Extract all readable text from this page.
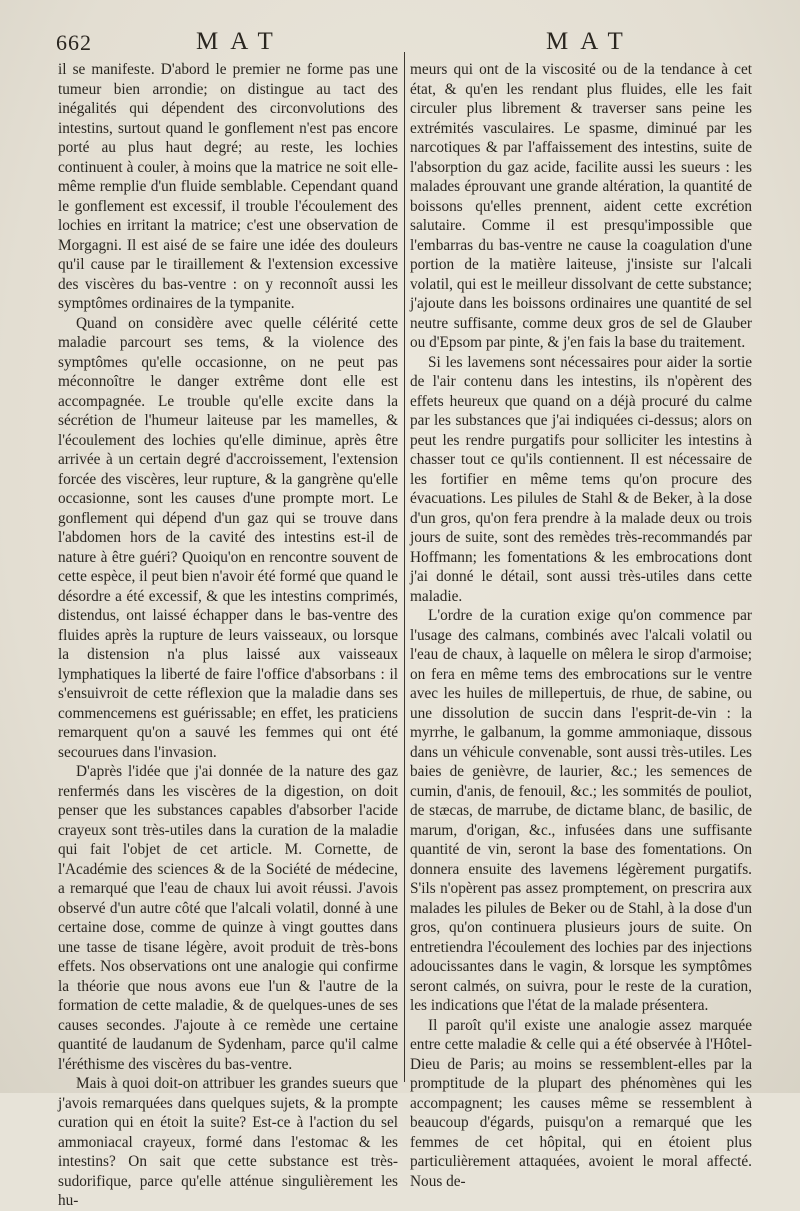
662	MAT	MAT

il se manifeste. D'abord le premier ne forme pas une tumeur bien arrondie; on distingue au tact des inégalités qui dépendent des circonvolutions des intestins, surtout quand le gonflement n'est pas encore porté au plus haut degré; au reste, les lochies continuent à couler, à moins que la matrice ne soit elle-même remplie d'un fluide semblable. Cependant quand le gonflement est excessif, il trouble l'écoulement des lochies en irritant la matrice; c'est une observation de Morgagni. Il est aisé de se faire une idée des douleurs qu'il cause par le tiraillement & l'extension excessive des viscères du bas-ventre : on y reconnoît aussi les symptômes ordinaires de la tympanite.

Quand on considère avec quelle célérité cette maladie parcourt ses tems, & la violence des symptômes qu'elle occasionne, on ne peut pas méconnoître le danger extrême dont elle est accompagnée. Le trouble qu'elle excite dans la sécrétion de l'humeur laiteuse par les mamelles, & l'écoulement des lochies qu'elle diminue, après être arrivée à un certain degré d'accroissement, l'extension forcée des viscères, leur rupture, & la gangrène qu'elle occasionne, sont les causes d'une prompte mort. Le gonflement qui dépend d'un gaz qui se trouve dans l'abdomen hors de la cavité des intestins est-il de nature à être guéri? Quoiqu'on en rencontre souvent de cette espèce, il peut bien n'avoir été formé que quand le désordre a été excessif, & que les intestins comprimés, distendus, ont laissé échapper dans le bas-ventre des fluides après la rupture de leurs vaisseaux, ou lorsque la distension n'a plus laissé aux vaisseaux lymphatiques la liberté de faire l'office d'absorbans : il s'ensuivroit de cette réflexion que la maladie dans ses commencemens est guérissable; en effet, les praticiens remarquent qu'on a sauvé les femmes qui ont été secourues dans l'invasion.

D'après l'idée que j'ai donnée de la nature des gaz renfermés dans les viscères de la digestion, on doit penser que les substances capables d'absorber l'acide crayeux sont très-utiles dans la curation de la maladie qui fait l'objet de cet article. M. Cornette, de l'Académie des sciences & de la Société de médecine, a remarqué que l'eau de chaux lui avoit réussi. J'avois observé d'un autre côté que l'alcali volatil, donné à une certaine dose, comme de quinze à vingt gouttes dans une tasse de tisane légère, avoit produit de très-bons effets. Nos observations ont une analogie qui confirme la théorie que nous avons eue l'un & l'autre de la formation de cette maladie, & de quelques-unes de ses causes secondes. J'ajoute à ce remède une certaine quantité de laudanum de Sydenham, parce qu'il calme l'éréthisme des viscères du bas-ventre.

Mais à quoi doit-on attribuer les grandes sueurs que j'avois remarquées dans quelques sujets, & la prompte curation qui en étoit la suite? Est-ce à l'action du sel ammoniacal crayeux, formé dans l'estomac & les intestins? On sait que cette substance est très-sudorifique, parce qu'elle atténue singulièrement les hu-

meurs qui ont de la viscosité ou de la tendance à cet état, & qu'en les rendant plus fluides, elle les fait circuler plus librement & traverser sans peine les extrémités vasculaires. Le spasme, diminué par les narcotiques & par l'affaissement des intestins, suite de l'absorption du gaz acide, facilite aussi les sueurs : les malades éprouvant une grande altération, la quantité de boissons qu'elles prennent, aident cette excrétion salutaire. Comme il est presqu'impossible que l'embarras du bas-ventre ne cause la coagulation d'une portion de la matière laiteuse, j'insiste sur l'alcali volatil, qui est le meilleur dissolvant de cette substance; j'ajoute dans les boissons ordinaires une quantité de sel neutre suffisante, comme deux gros de sel de Glauber ou d'Epsom par pinte, & j'en fais la base du traitement.

Si les lavemens sont nécessaires pour aider la sortie de l'air contenu dans les intestins, ils n'opèrent des effets heureux que quand on a déjà procuré du calme par les substances que j'ai indiquées ci-dessus; alors on peut les rendre purgatifs pour solliciter les intestins à chasser tout ce qu'ils contiennent. Il est nécessaire de les fortifier en même tems qu'on procure des évacuations. Les pilules de Stahl & de Beker, à la dose d'un gros, qu'on fera prendre à la malade deux ou trois jours de suite, sont des remèdes très-recommandés par Hoffmann; les fomentations & les embrocations dont j'ai donné le détail, sont aussi très-utiles dans cette maladie.

L'ordre de la curation exige qu'on commence par l'usage des calmans, combinés avec l'alcali volatil ou l'eau de chaux, à laquelle on mêlera le sirop d'armoise; on fera en même tems des embrocations sur le ventre avec les huiles de millepertuis, de rhue, de sabine, ou une dissolution de succin dans l'esprit-de-vin : la myrrhe, le galbanum, la gomme ammoniaque, dissous dans un véhicule convenable, sont aussi très-utiles. Les baies de genièvre, de laurier, &c.; les semences de cumin, d'anis, de fenouil, &c.; les sommités de pouliot, de stæcas, de marrube, de dictame blanc, de basilic, de marum, d'origan, &c., infusées dans une suffisante quantité de vin, seront la base des fomentations. On donnera ensuite des lavemens légèrement purgatifs. S'ils n'opèrent pas assez promptement, on prescrira aux malades les pilules de Beker ou de Stahl, à la dose d'un gros, qu'on continuera plusieurs jours de suite. On entretiendra l'écoulement des lochies par des injections adoucissantes dans le vagin, & lorsque les symptômes seront calmés, on suivra, pour le reste de la curation, les indications que l'état de la malade présentera.

Il paroît qu'il existe une analogie assez marquée entre cette maladie & celle qui a été observée à l'Hôtel-Dieu de Paris; au moins se ressemblent-elles par la promptitude de la plupart des phénomènes qui les accompagnent; les causes même se ressemblent à beaucoup d'égards, puisqu'on a remarqué que les femmes de cet hôpital, qui en étoient plus particulièrement attaquées, avoient le moral affecté. Nous de-
